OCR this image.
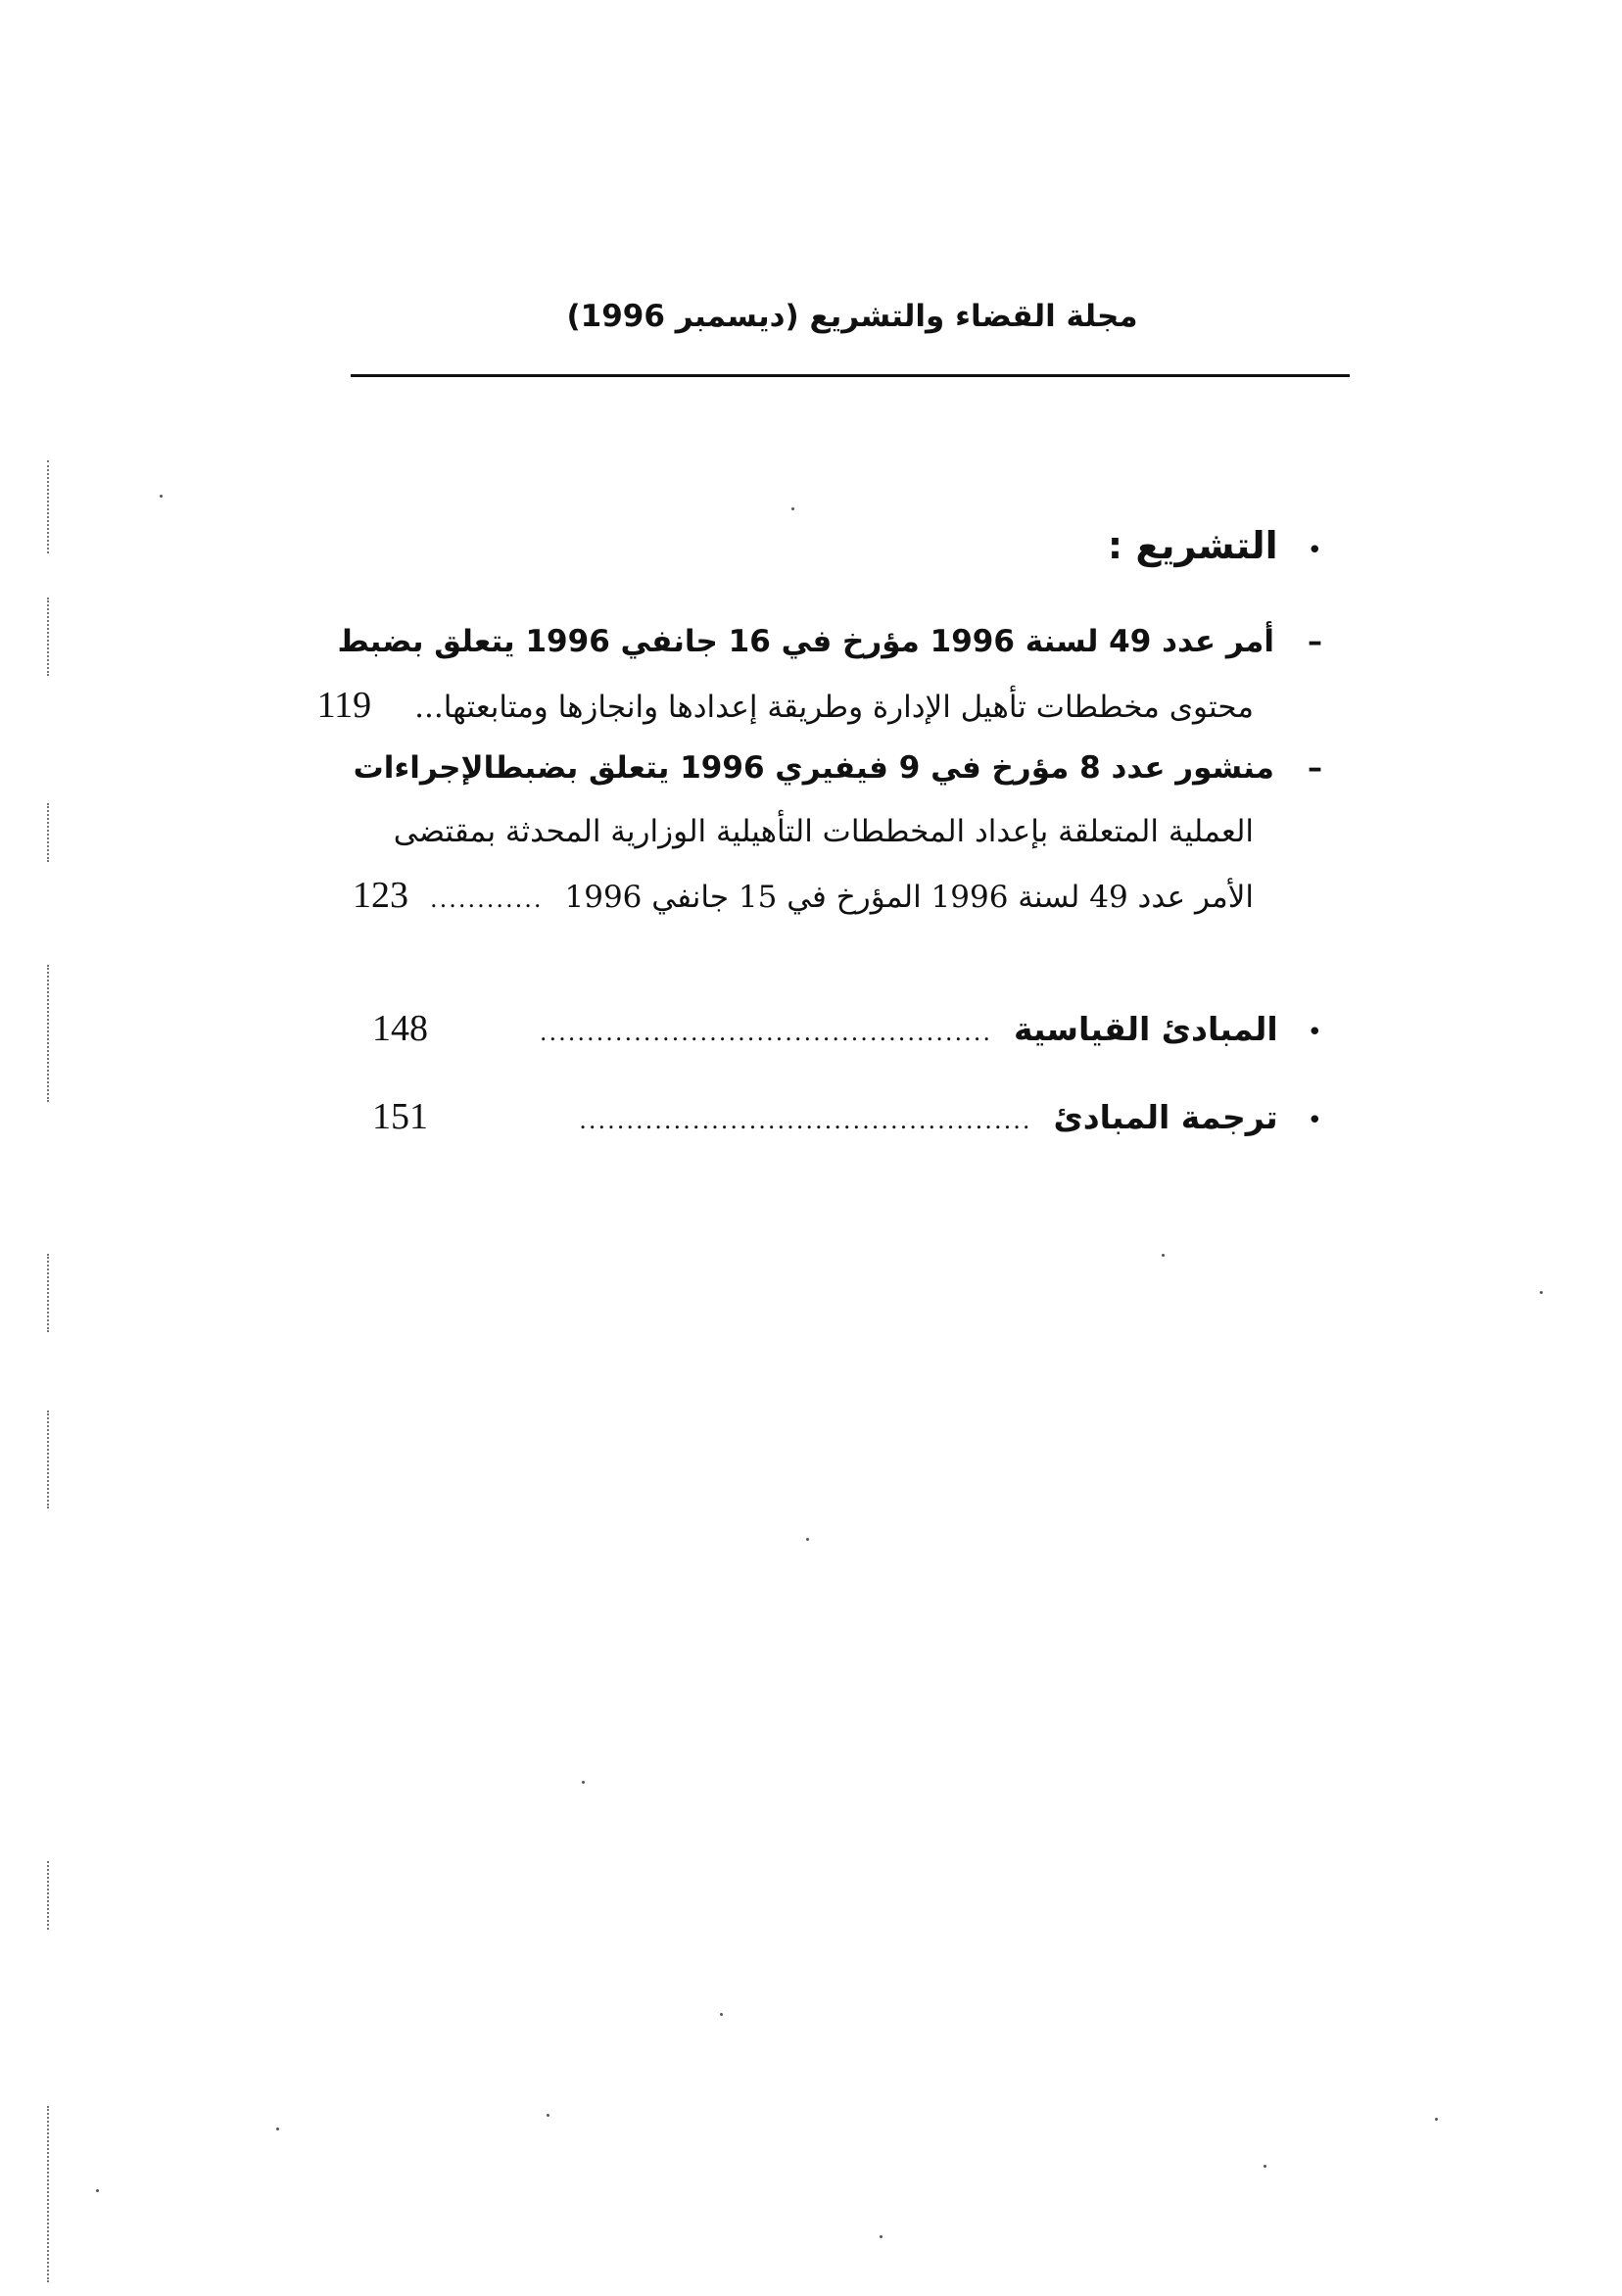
مجلة القضاء والتشريع (ديسمبر 1996)
•التشريع :
–أمر عدد 49 لسنة 1996 مؤرخ في 16 جانفي 1996 يتعلق بضبط
محتوى مخططات تأهيل الإدارة وطريقة إعدادها وانجازها ومتابعتها...
119
–منشور عدد 8 مؤرخ في 9 فيفيري 1996 يتعلق بضبطالإجراءات
العملية المتعلقة بإعداد المخططات التأهيلية الوزارية المحدثة بمقتضى
الأمر عدد 49 لسنة 1996 المؤرخ في 15 جانفي 1996
............
123
•المبادئ القياسية
................................................
148
•ترجمة المبادئ
................................................
151
